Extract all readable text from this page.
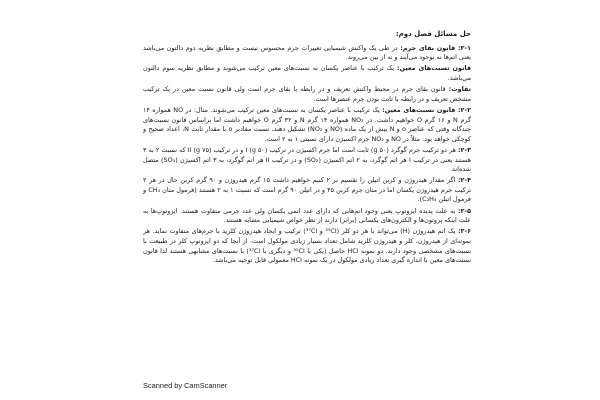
حل مسائل فصل دوم:

۲-۱: قانون بقای جرم: در طی یک واکنش شیمیایی تغییرات جرم محسوس نیست و مطابق نظریه دوم دالتون می‌باشد یعنی اتم‌ها نه بوجود می‌آیند و نه از بین می‌روند.

قانون نسبت‌های معین: یک ترکیب با عناصر یکسان به نسبت‌های معین ترکیب می‌شوند و مطابق نظریه سوم دالتون می‌باشد.

تفاوت: قانون بقای جرم در محیط واکنش تعریف و در رابطه با بقای جرم است ولی قانون نسبت معین در یک ترکیب مشخص تعریف و در رابطه با ثابت بودن جرم عنصرها است.

۲-۲: قانون نسبت‌های معین: یک ترکیب با عناصر یکسان به نسبت‌های معین ترکیب می‌شوند. مثال: در NO همواره ۱۴ گرم N و ۱۶ گرم O خواهیم داشت. در NO₂ همواره ۱۴ گرم N و ۳۲ گرم O خواهیم داشت اما براساس قانون نسبت‌های چندگانه وقتی که عناصر o و N بیش از یک ماده (NO و NO₂) تشکیل دهند، نسبت مقادیر o با مقدار ثابت N، اعداد صحیح و کوچکی خواهد بود. مثلاً در NO و NO₂ جرم اکسیژن دارای نسبتی ۱ به ۲ است.

۲-۳: هر دو ترکیب جرم گوگرد (g ۵۰) ثابت است اما جرم اکسیژن در ترکیب I (g ۵۰) و در ترکیب II (g ۷۵) که نسبت ۲ به ۳ هستند یعنی در ترکیب I هر اتم گوگرد، به ۲ اتم اکسیژن (SO₂) و در ترکیب II هر اتم گوگرد، به ۳ اتم اکسیژن (SO₃) متصل شده‌اند.

۲-۴: اگر مقدار هیدروژن و کربن اتیلن را تقسیم بر ۲ کنیم خواهیم داشت ۱۵ گرم هیدروژن و ۹۰ گرم کربن حال در هر ۲ ترکیب جرم هیدروژن یکسان اما در متان جرم کربن ۴۵ و در اتیلن ۹۰ گرم است که نسبت ۱ به ۲ هستند (فرمول متان CH₄ و فرمول اتیلن C₂H₄).

۲-۵: به علت پدیده ایزوتوپ یعنی وجود اتم‌هایی که دارای عدد اتمی یکسان ولی عدد جرمی متفاوت هستند. ایزوتوپ‌ها به علت اینکه پروتون‌ها و الکترون‌های یکسانی (برابر) دارند از نظر خواص شیمیایی مشابه هستند.

۲-۶: یک اتم هیدروژن (H) می‌تواند با هر دو کلر (³⁵Cl و ³⁷Cl) ترکیب و ایجاد هیدروژن کلرید با جرم‌های متفاوت نماید. هر نمونه‌ای از هیدروژن، کلر و هیدروژن کلرید شامل تعداد بسیار زیادی مولکول است. از آنجا که دو ایزوتوپ کلر در طبیعت با نسبت‌های مشخصی وجود دارند. دو نمونه HCl حاصل (یکی با ³⁵Cl و دیگری با ³⁷Cl) با نسبت‌های مشابهی هستند لذا قانون نسبت‌های معین با اندازه گیری تعداد زیادی مولکول در یک نمونه HCl معمولی قابل توجیه می‌باشد.

Scanned by CamScanner
